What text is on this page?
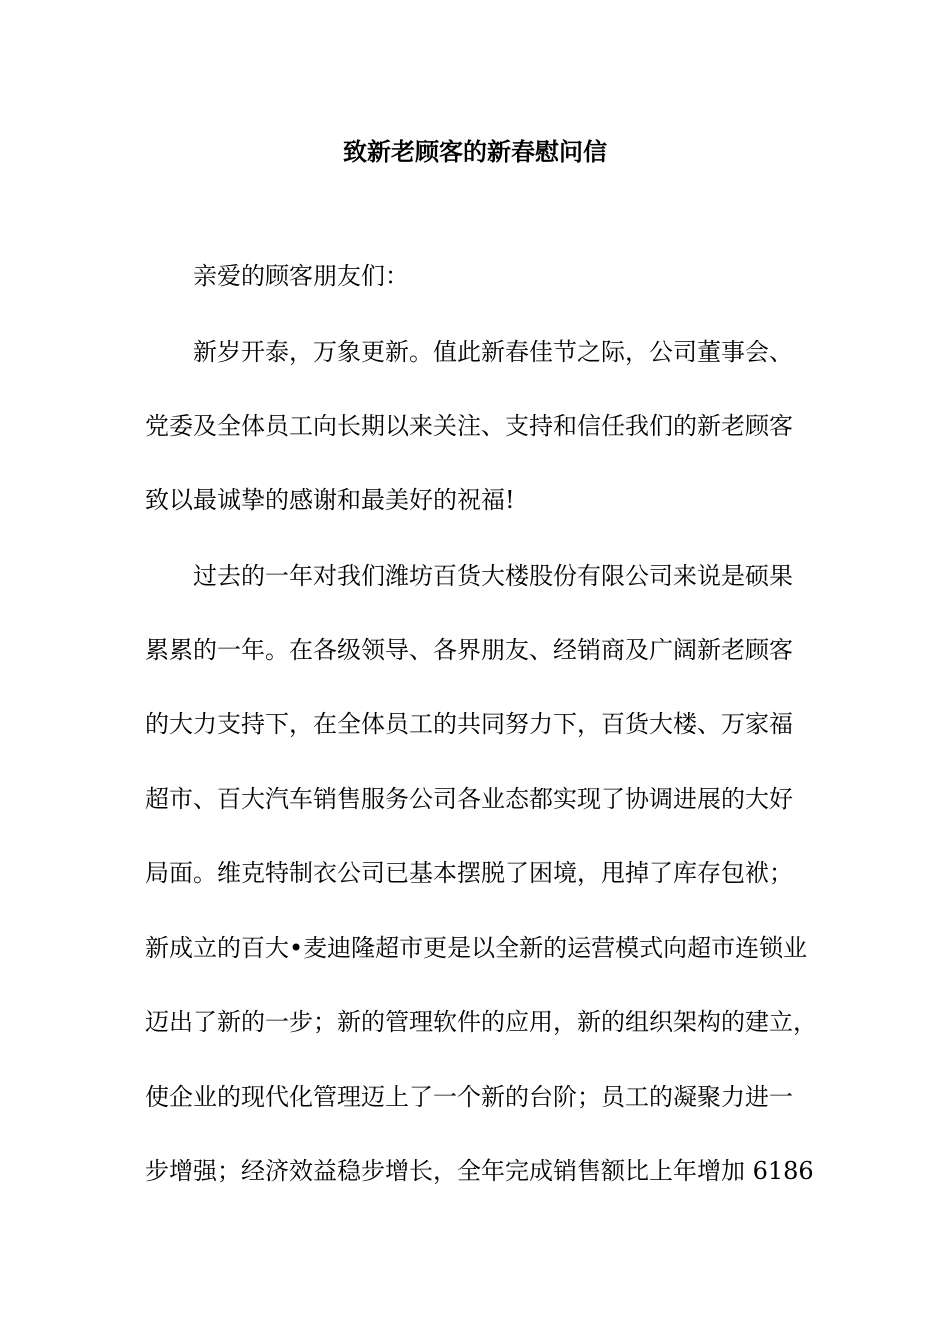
致新老顾客的新春慰问信
亲爱的顾客朋友们：
新岁开泰，万象更新。值此新春佳节之际，公司董事会、
党委及全体员工向长期以来关注、支持和信任我们的新老顾客
致以最诚挚的感谢和最美好的祝福!
过去的一年对我们潍坊百货大楼股份有限公司来说是硕果
累累的一年。在各级领导、各界朋友、经销商及广阔新老顾客
的大力支持下，在全体员工的共同努力下，百货大楼、万家福
超市、百大汽车销售服务公司各业态都实现了协调进展的大好
局面。维克特制衣公司已基本摆脱了困境，甩掉了库存包袱；
新成立的百大•麦迪隆超市更是以全新的运营模式向超市连锁业
迈出了新的一步；新的管理软件的应用，新的组织架构的建立，
使企业的现代化管理迈上了一个新的台阶；员工的凝聚力进一
步增强；经济效益稳步增长，全年完成销售额比上年增加 6186
